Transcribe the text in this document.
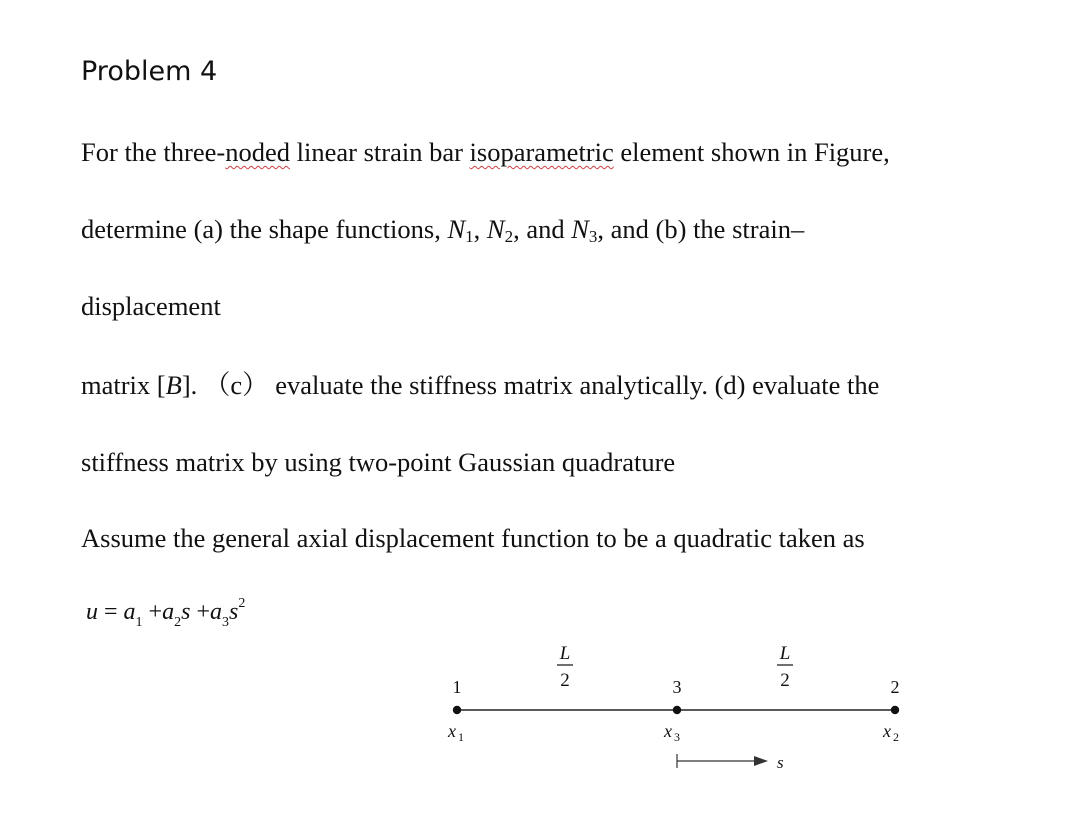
Problem 4
For the three-noded linear strain bar isoparametric element shown in Figure,
determine (a) the shape functions, $N_1$, $N_2$, and $N_3$, and (b) the strain–
displacement
matrix [B]. （c） evaluate the stiffness matrix analytically. (d) evaluate the
stiffness matrix by using two-point Gaussian quadrature
Assume the general axial displacement function to be a quadratic taken as
$u = a_1 +a_2s +a_3s^2$
1	3	2
x 1	x 3	x 2
L
2
L
2
s
